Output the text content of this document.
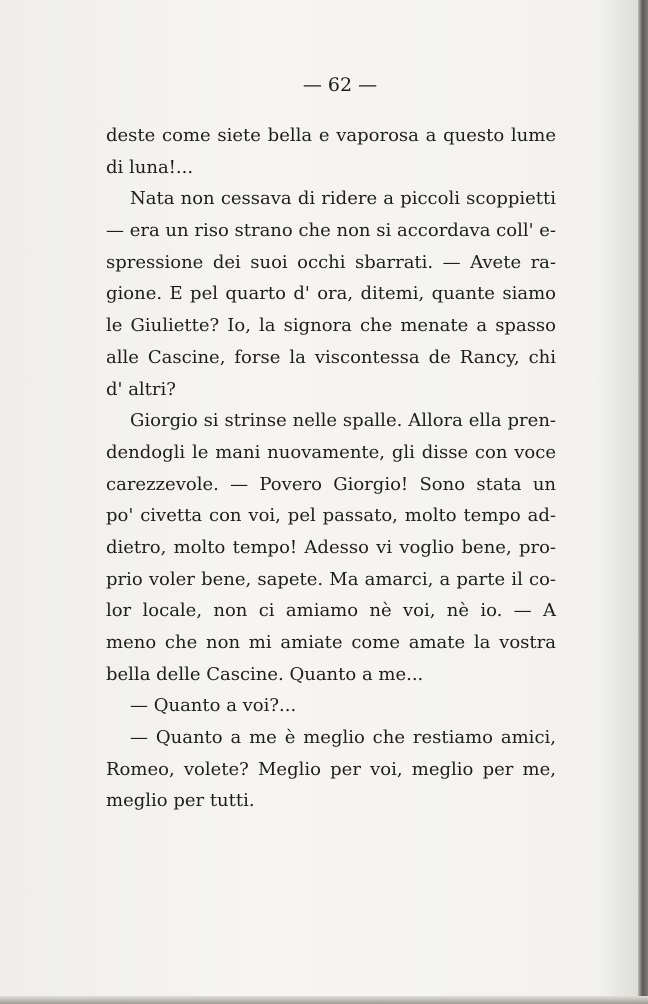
— 62 —
deste come siete bella e vaporosa a questo lume
di luna!...
Nata non cessava di ridere a piccoli scoppietti
— era un riso strano che non si accordava coll' e-
spressione dei suoi occhi sbarrati. — Avete ra-
gione. E pel quarto d' ora, ditemi, quante siamo
le Giuliette? Io, la signora che menate a spasso
alle Cascine, forse la viscontessa de Rancy, chi
d' altri?
Giorgio si strinse nelle spalle. Allora ella pren-
dendogli le mani nuovamente, gli disse con voce
carezzevole. — Povero Giorgio! Sono stata un
po' civetta con voi, pel passato, molto tempo ad-
dietro, molto tempo! Adesso vi voglio bene, pro-
prio voler bene, sapete. Ma amarci, a parte il co-
lor locale, non ci amiamo nè voi, nè io. — A
meno che non mi amiate come amate la vostra
bella delle Cascine. Quanto a me...
— Quanto a voi?...
— Quanto a me è meglio che restiamo amici,
Romeo, volete? Meglio per voi, meglio per me,
meglio per tutti.
